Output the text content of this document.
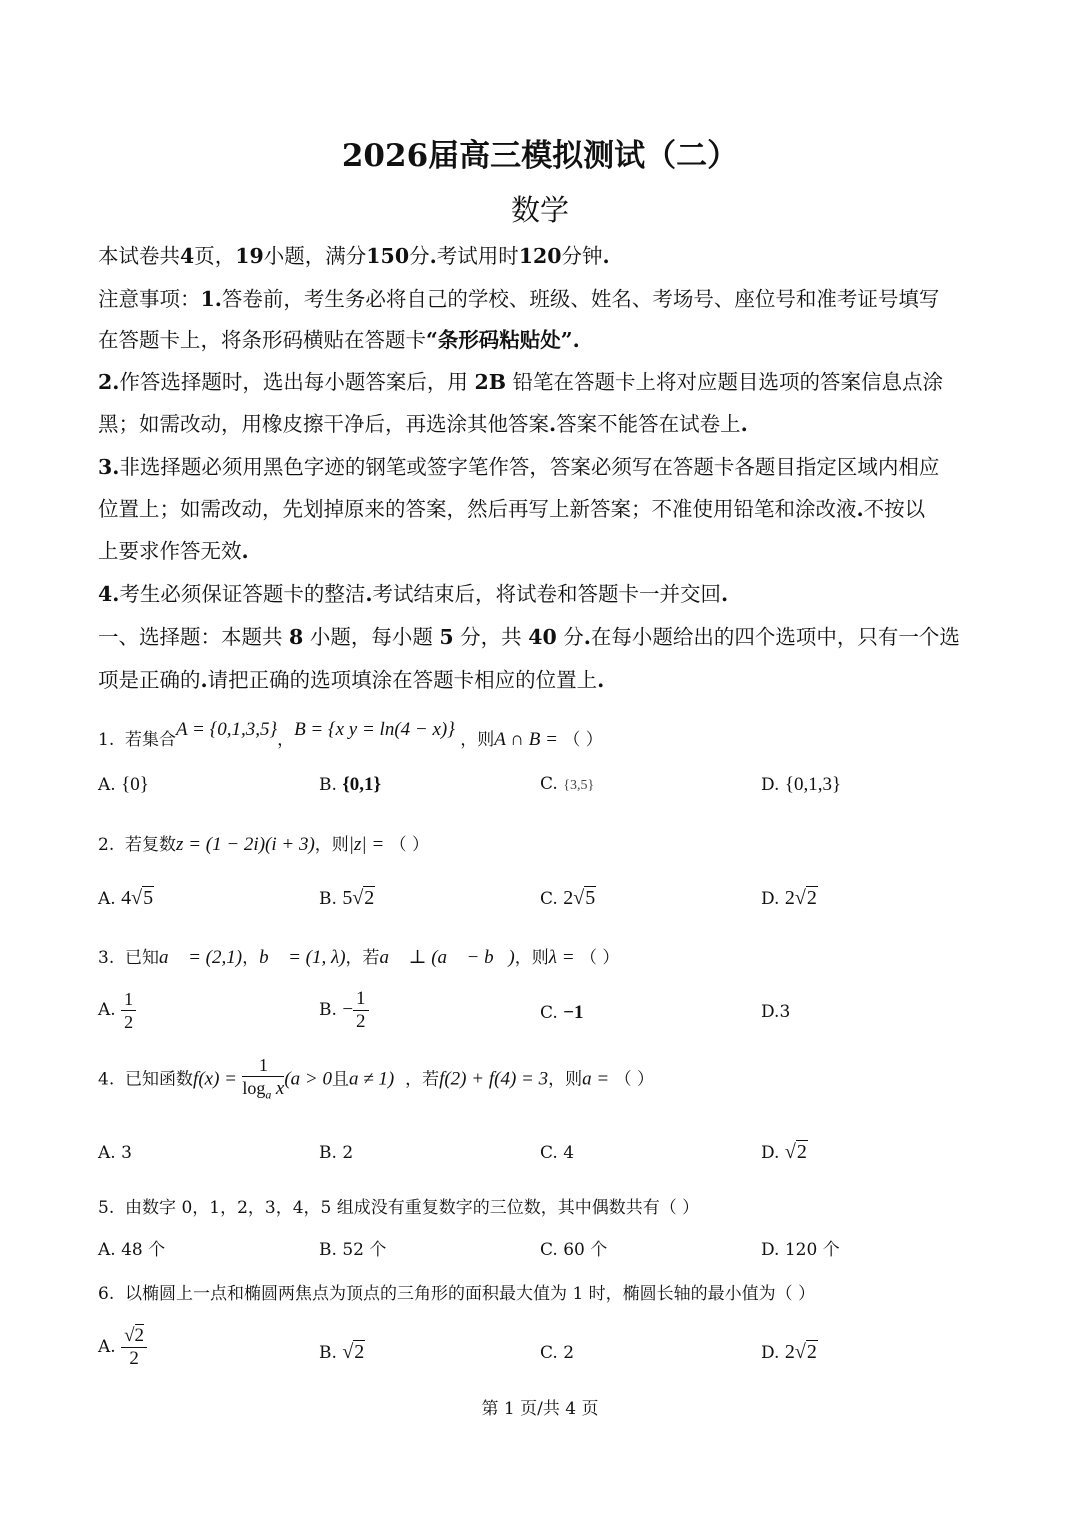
2026届高三模拟测试（二）
数学
本试卷共4页，19小题，满分150分.考试用时120分钟.
注意事项：1.答卷前，考生务必将自己的学校、班级、姓名、考场号、座位号和准考证号填写
在答题卡上，将条形码横贴在答题卡“条形码粘贴处”.
2.作答选择题时，选出每小题答案后，用 2B 铅笔在答题卡上将对应题目选项的答案信息点涂
黑；如需改动，用橡皮擦干净后，再选涂其他答案.答案不能答在试卷上.
3.非选择题必须用黑色字迹的钢笔或签字笔作答，答案必须写在答题卡各题目指定区域内相应
位置上；如需改动，先划掉原来的答案，然后再写上新答案；不准使用铅笔和涂改液.不按以
上要求作答无效.
4.考生必须保证答题卡的整洁.考试结束后，将试卷和答题卡一并交回.
一、选择题：本题共 8 小题，每小题 5 分，共 40 分.在每小题给出的四个选项中，只有一个选
项是正确的.请把正确的选项填涂在答题卡相应的位置上.
1. 若集合A = {0,1,3,5}，B = {x y = ln(4 − x)} ，则A ∩ B = （ ）
A. {0}	B. {0,1}	C. {3,5}	D. {0,1,3}
2. 若复数z = (1 − 2i)(i + 3)，则|z| = （ ）
A. 4√5	B. 5√2	C. 2√5	D. 2√2
3. 已知a⃗ = (2,1)，b⃗ = (1, λ)，若a⃗ ⊥ (a⃗ − b⃗)，则λ = （ ）
A. $\frac{1}{2}$	B. − $\frac{1}{2}$	C. −1	D.3
4. 已知函数$f(x) = \frac{1}{\log_a x} (a > 0$且a ≠ 1) ，若f(2) + f(4) = 3，则a = （ ）
A. 3	B. 2	C. 4	D. √2
5. 由数字 0，1，2，3，4，5 组成没有重复数字的三位数，其中偶数共有（ ）
A. 48 个	B. 52 个	C. 60 个	D. 120 个
6. 以椭圆上一点和椭圆两焦点为顶点的三角形的面积最大值为 1 时，椭圆长轴的最小值为（ ）
A. $\frac{√2}{2}$	B. √2	C. 2	D. 2√2
第 1 页/共 4 页
